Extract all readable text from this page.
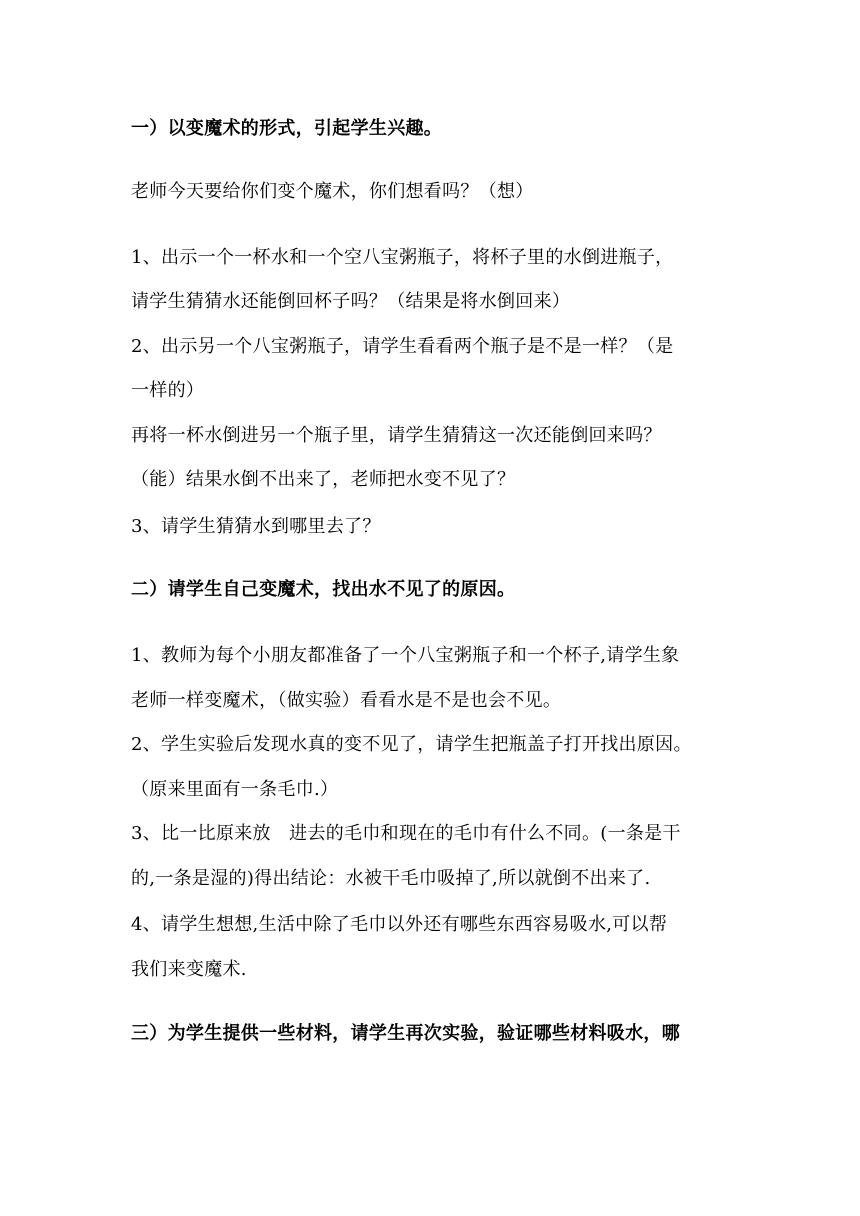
一）以变魔术的形式，引起学生兴趣。
老师今天要给你们变个魔术，你们想看吗？（想）
1、出示一个一杯水和一个空八宝粥瓶子，将杯子里的水倒进瓶子，
请学生猜猜水还能倒回杯子吗？（结果是将水倒回来）
2、出示另一个八宝粥瓶子，请学生看看两个瓶子是不是一样？（是
一样的）
再将一杯水倒进另一个瓶子里，请学生猜猜这一次还能倒回来吗？
（能）结果水倒不出来了，老师把水变不见了？
3、请学生猜猜水到哪里去了？
二）请学生自己变魔术，找出水不见了的原因。
1、教师为每个小朋友都准备了一个八宝粥瓶子和一个杯子,请学生象
老师一样变魔术，（做实验）看看水是不是也会不见。
2、学生实验后发现水真的变不见了，请学生把瓶盖子打开找出原因。
（原来里面有一条毛巾.）
3、比一比原来放　进去的毛巾和现在的毛巾有什么不同。(一条是干
的,一条是湿的)得出结论：水被干毛巾吸掉了,所以就倒不出来了.
4、请学生想想,生活中除了毛巾以外还有哪些东西容易吸水,可以帮
我们来变魔术.
三）为学生提供一些材料，请学生再次实验，验证哪些材料吸水，哪
